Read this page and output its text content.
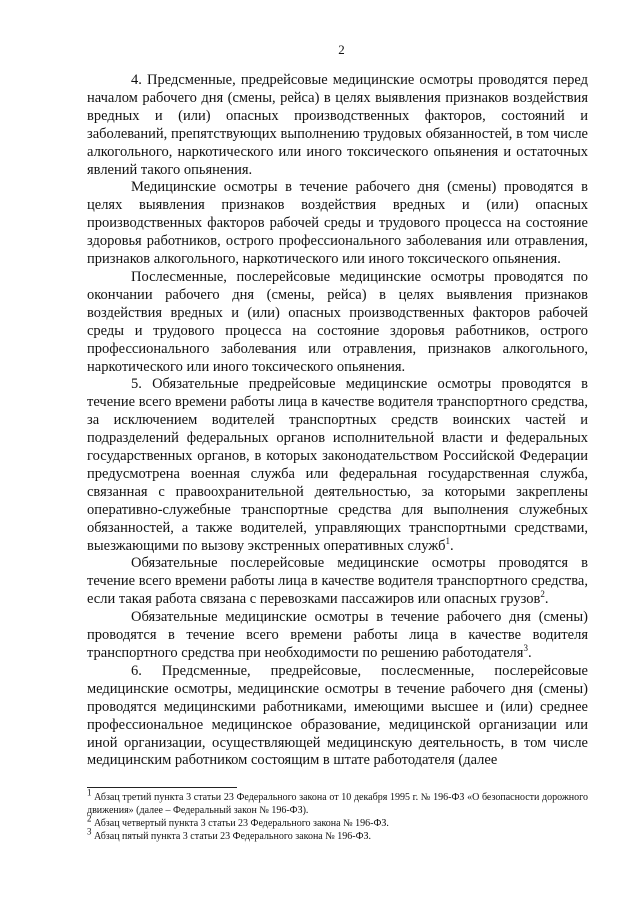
2

4. Предсменные, предрейсовые медицинские осмотры проводятся перед началом рабочего дня (смены, рейса) в целях выявления признаков воздействия вредных и (или) опасных производственных факторов, состояний и заболеваний, препятствующих выполнению трудовых обязанностей, в том числе алкогольного, наркотического или иного токсического опьянения и остаточных явлений такого опьянения.

Медицинские осмотры в течение рабочего дня (смены) проводятся в целях выявления признаков воздействия вредных и (или) опасных производственных факторов рабочей среды и трудового процесса на состояние здоровья работников, острого профессионального заболевания или отравления, признаков алкогольного, наркотического или иного токсического опьянения.

Послесменные, послерейсовые медицинские осмотры проводятся по окончании рабочего дня (смены, рейса) в целях выявления признаков воздействия вредных и (или) опасных производственных факторов рабочей среды и трудового процесса на состояние здоровья работников, острого профессионального заболевания или отравления, признаков алкогольного, наркотического или иного токсического опьянения.

5. Обязательные предрейсовые медицинские осмотры проводятся в течение всего времени работы лица в качестве водителя транспортного средства, за исключением водителей транспортных средств воинских частей и подразделений федеральных органов исполнительной власти и федеральных государственных органов, в которых законодательством Российской Федерации предусмотрена военная служба или федеральная государственная служба, связанная с правоохранительной деятельностью, за которыми закреплены оперативно-служебные транспортные средства для выполнения служебных обязанностей, а также водителей, управляющих транспортными средствами, выезжающими по вызову экстренных оперативных служб$^1$.

Обязательные послерейсовые медицинские осмотры проводятся в течение всего времени работы лица в качестве водителя транспортного средства, если такая работа связана с перевозками пассажиров или опасных грузов$^2$.

Обязательные медицинские осмотры в течение рабочего дня (смены) проводятся в течение всего времени работы лица в качестве водителя транспортного средства при необходимости по решению работодателя$^3$.

6. Предсменные, предрейсовые, послесменные, послерейсовые медицинские осмотры, медицинские осмотры в течение рабочего дня (смены) проводятся медицинскими работниками, имеющими высшее и (или) среднее профессиональное медицинское образование, медицинской организации или иной организации, осуществляющей медицинскую деятельность, в том числе медицинским работником состоящим в штате работодателя (далее

$^1$ Абзац третий пункта 3 статьи 23 Федерального закона от 10 декабря 1995 г. № 196-ФЗ «О безопасности дорожного движения» (далее – Федеральный закон № 196-ФЗ).

$^2$ Абзац четвертый пункта 3 статьи 23 Федерального закона № 196-ФЗ.

$^3$ Абзац пятый пункта 3 статьи 23 Федерального закона № 196-ФЗ.
